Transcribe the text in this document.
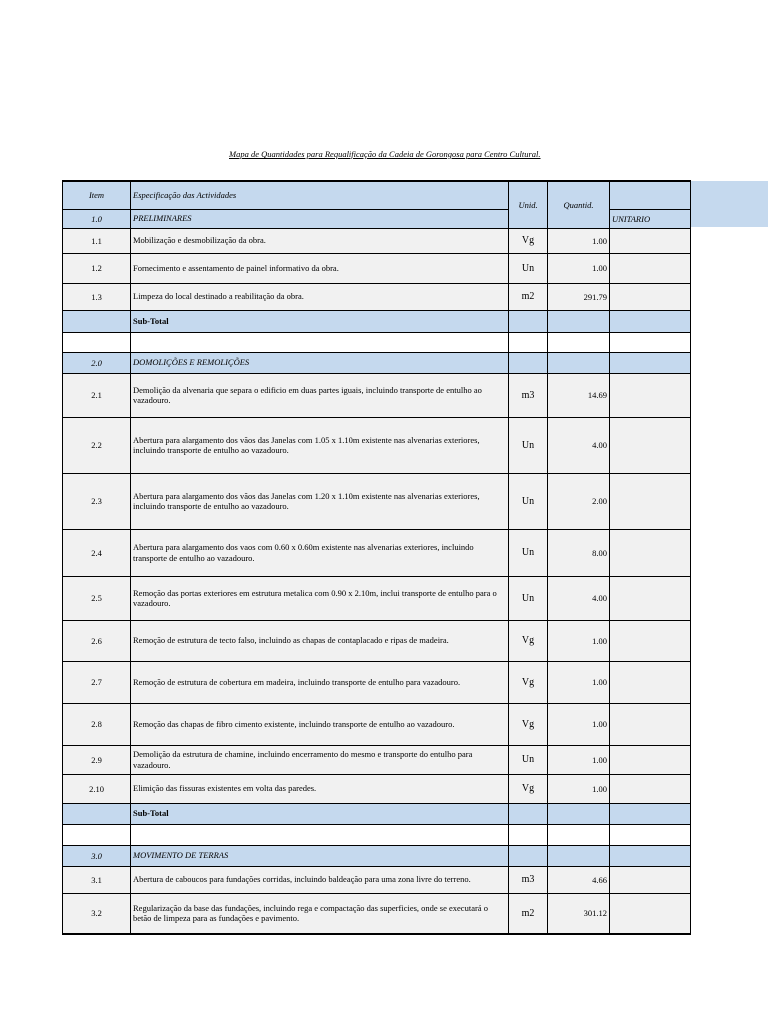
Mapa de Quantidades para Requalificação da Cadeia de Gorongosa para Centro Cultural.
Item	Especificação das Actividades	Unid.	Quantid.	
1.0	PRELIMINARES			UNITARIO
1.1	Mobilização e desmobilização da obra.	Vg	1.00	
1.2	Fornecimento e assentamento de painel informativo da obra.	Un	1.00	
1.3	Limpeza do local destinado a reabilitação da obra.	m2	291.79	
	Sub-Total			

2.0	DOMOLIÇÕES E REMOLIÇÕES			
2.1	Demolição da alvenaria que separa o edificio em duas partes iguais, incluindo transporte de entulho ao vazadouro.	m3	14.69	
2.2	Abertura para alargamento dos vãos das Janelas com 1.05 x 1.10m existente nas alvenarias exteriores, incluindo transporte de entulho ao vazadouro.	Un	4.00	
2.3	Abertura para alargamento dos vãos das Janelas com 1.20 x 1.10m existente nas alvenarias exteriores, incluindo transporte de entulho ao vazadouro.	Un	2.00	
2.4	Abertura para alargamento dos vaos com 0.60 x 0.60m existente nas alvenarias exteriores, incluindo transporte de entulho ao vazadouro.	Un	8.00	
2.5	Remoção das portas exteriores em estrutura metalica com 0.90 x 2.10m, inclui transporte de entulho para o vazadouro.	Un	4.00	
2.6	Remoção de estrutura de tecto falso, incluindo as chapas de contaplacado e ripas de madeira.	Vg	1.00	
2.7	Remoção de estrutura de cobertura em madeira, incluindo transporte de entulho para vazadouro.	Vg	1.00	
2.8	Remoção das chapas de fibro cimento existente, incluindo transporte de entulho ao vazadouro.	Vg	1.00	
2.9	Demolição da estrutura de chamine, incluindo encerramento do mesmo e transporte do entulho para vazadouro.	Un	1.00	
2.10	Elimição das fissuras existentes em volta das paredes.	Vg	1.00	
	Sub-Total			

3.0	MOVIMENTO DE TERRAS			
3.1	Abertura de caboucos para fundações corridas, incluindo baldeação para uma zona livre do terreno.	m3	4.66	
3.2	Regularização da base das fundações, incluindo rega e compactação das superficies, onde se executará o betão de limpeza para as fundações e pavimento.	m2	301.12	
